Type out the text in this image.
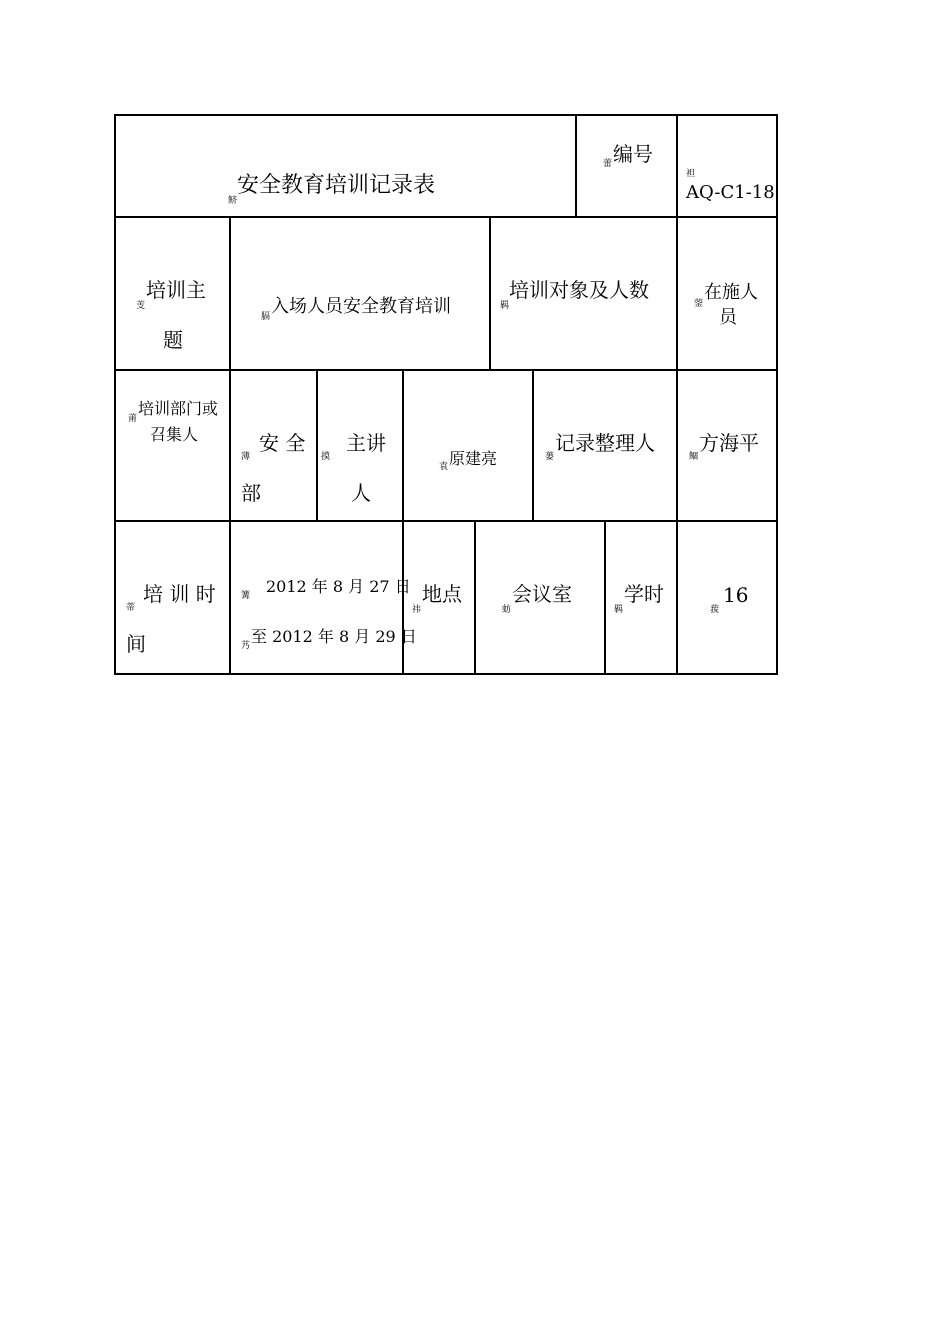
鲚
安全教育培训记录表
蕾 编号
袒
AQ-C1-18
芰
培训主
题
膈 入场人员安全教育培训	羁
培训对象及人数
蓥
在施人
员
莆
培训部门或
召集人
薄
安 全
部
摸
主讲
人
袁 原建亮	蒌
记录整理人
鲴
方海平
蒂
培 训 时
间
篝 2012 年 8 月 27 日
艿 至 2012 年 8 月 29 日
祎
地点
蚄
会议室
羁
学时
菝
16
